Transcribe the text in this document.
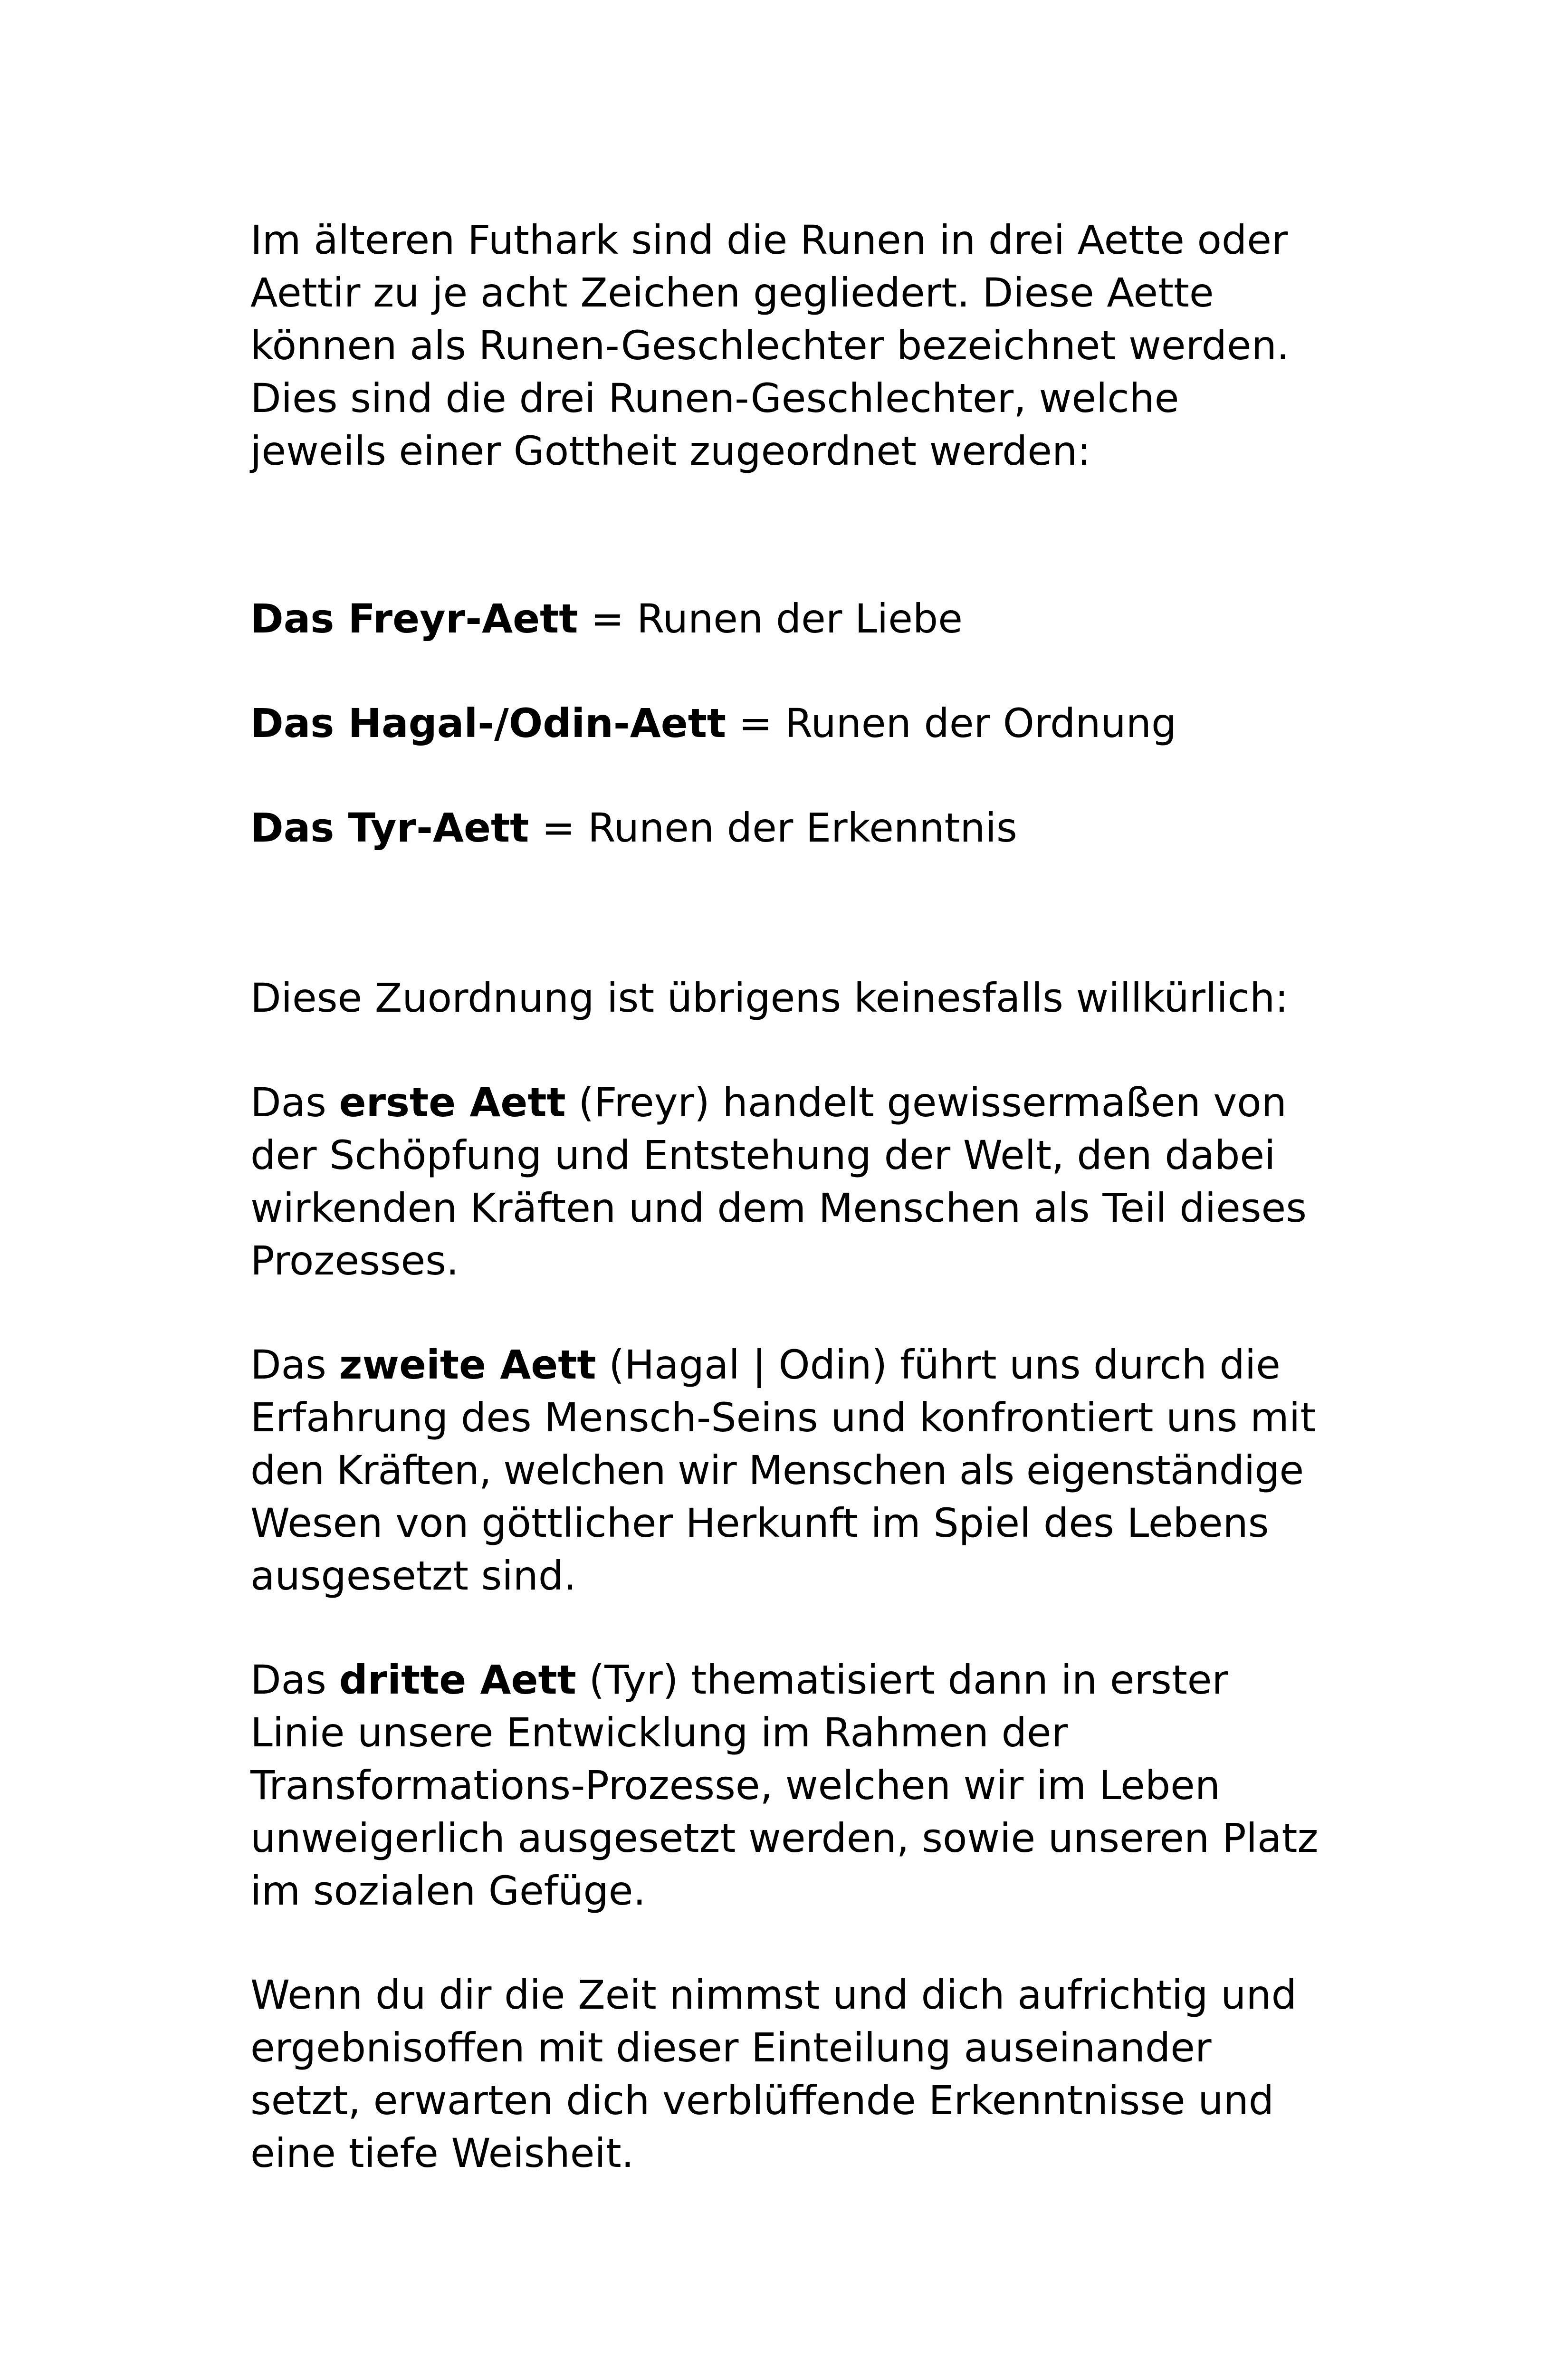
Im älteren Futhark sind die Runen in drei Aette oder
Aettir zu je acht Zeichen gegliedert. Diese Aette
können als Runen-Geschlechter bezeichnet werden.
Dies sind die drei Runen-Geschlechter, welche
jeweils einer Gottheit zugeordnet werden:

Das Freyr-Aett = Runen der Liebe

Das Hagal-/Odin-Aett = Runen der Ordnung

Das Tyr-Aett = Runen der Erkenntnis

Diese Zuordnung ist übrigens keinesfalls willkürlich:

Das erste Aett (Freyr) handelt gewissermaßen von
der Schöpfung und Entstehung der Welt, den dabei
wirkenden Kräften und dem Menschen als Teil dieses
Prozesses.

Das zweite Aett (Hagal | Odin) führt uns durch die
Erfahrung des Mensch-Seins und konfrontiert uns mit
den Kräften, welchen wir Menschen als eigenständige
Wesen von göttlicher Herkunft im Spiel des Lebens
ausgesetzt sind.

Das dritte Aett (Tyr) thematisiert dann in erster
Linie unsere Entwicklung im Rahmen der
Transformations-Prozesse, welchen wir im Leben
unweigerlich ausgesetzt werden, sowie unseren Platz
im sozialen Gefüge.

Wenn du dir die Zeit nimmst und dich aufrichtig und
ergebnisoffen mit dieser Einteilung auseinander
setzt, erwarten dich verblüffende Erkenntnisse und
eine tiefe Weisheit.
